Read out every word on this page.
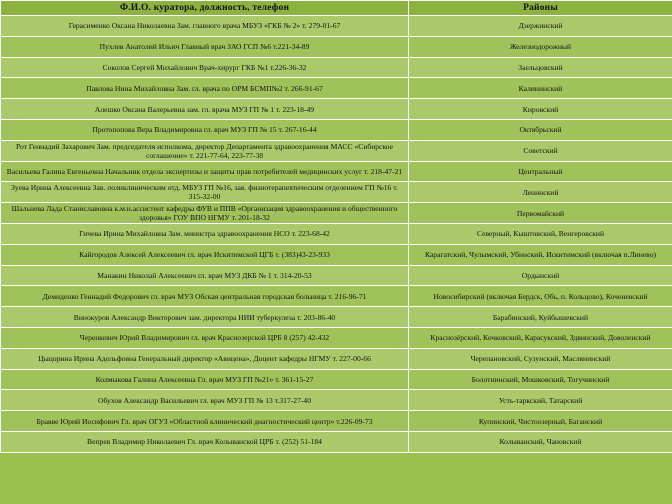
Ф.И.О. куратора, должность, телефон	Районы
Герасименко Оксана Николаевна Зам. главного врача МБУЗ «ГКБ № 2» т. 279-01-67	Дзержинский
Пухлев Анатолий Ильич Главный врач ЗАО ГСП №6 т.221-34-89	Железнодорожный
Соколов Сергей Михайлович Врач-хирург ГКБ №1 т.226-36-32	Заельцовский
Павлова Нина Михайловна Зам. гл. врача по ОРМ БСМП№2 т. 266-91-67	Калининский
Алешко Оксана Валерьевна зам. гл. врача МУЗ ГП № 1 т. 223-18-49	Кировский
Протопопова Вера Владимировна гл. врач МУЗ ГП № 15 т. 267-16-44	Октябрьский
Рот Геннадий Захарович Зам. председателя исполкома, директор Департамента здравоохранения МАСС «Сибирское соглашение» т. 221-77-64, 223-77-38	Советский
Васильева Галина Евгеньевна Начальник отдела экспертизы и защиты прав потребителей медицинских услуг т. 218-47-21	Центральный
Зуева Ирина Алексеевна Зав. поликлиническим отд. МБУЗ ГП №16, зав. физиотерапевтическим отделением ГП №16 т. 315-32-00	Ленинский
Шальнева Лада Станиславовна к.м.н.ассистент кафедры ФУВ и ППВ «Организация здравоохранения и общественного здоровья» ГОУ ВПО НГМУ т. 201-18-32	Первомайский
Гичева Ирина Михайловна Зам. министра здравоохранения НСО т. 223-68-42	Северный, Кыштовский, Венгеровский
Кайгородов Алексей Алексеевич гл. врач Искитимской ЦГБ т. (383)43-23-933	Карагатский, Чулымский, Убинский, Искитимский (включая п.Линево)
Манакин Николай Алексеевич гл. врач МУЗ ДКБ № 1 т. 314-20-53	Ордынский
Демиденко Геннадий Федорович гл. врач МУЗ Обская центральная городская больница т. 216-96-71	Новосибирский (включая Бердск, Обь, п. Кольцово), Коченевский
Винокуров Александр Викторович зам. директора НИИ туберкулеза т. 203-86-40	Барабинский, Куйбышевский
Черенкевич Юрий Владимирович гл. врач Краснозерской ЦРБ 8 (257) 42-432	Краснозёрский, Кочковский, Карасукский, Здвинский, Доволенский
Цыцорина Ирина Адольфовна Генеральный директор «Авицена», Доцент кафедры НГМУ т. 227-00-66	Черепановский, Сузунский, Маслянинский
Колмыкова Галина Алексеевна Гл. врач МУЗ ГП №21» т. 361-15-27	Болотнинский, Мошковский, Тогучинский
Обухов Александр Васильевич гл. врач МУЗ ГП № 13 т.317-27-40	Усть-таркский, Татарский
Бравве Юрий Иосифович Гл. врач ОГУЗ «Областной клинический диагностический центр» т.226-09-73	Купинский, Чистоозерный, Баганский
Вепрев Владимир Николаевич Гл. врач Колыванской ЦРБ т. (252) 51-184	Колыванский, Чановский
